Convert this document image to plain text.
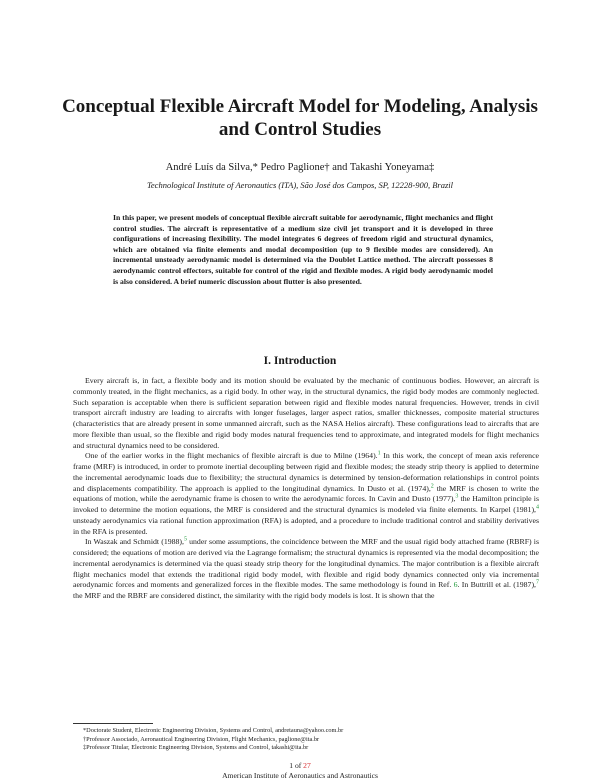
Conceptual Flexible Aircraft Model for Modeling, Analysis and Control Studies
André Luís da Silva,* Pedro Paglione† and Takashi Yoneyama‡
Technological Institute of Aeronautics (ITA), São José dos Campos, SP, 12228-900, Brazil
In this paper, we present models of conceptual flexible aircraft suitable for aerodynamic, flight mechanics and flight control studies. The aircraft is representative of a medium size civil jet transport and it is developed in three configurations of increasing flexibility. The model integrates 6 degrees of freedom rigid and structural dynamics, which are obtained via finite elements and modal decomposition (up to 9 flexible modes are considered). An incremental unsteady aerodynamic model is determined via the Doublet Lattice method. The aircraft possesses 8 aerodynamic control effectors, suitable for control of the rigid and flexible modes. A rigid body aerodynamic model is also considered. A brief numeric discussion about flutter is also presented.
I. Introduction

Every aircraft is, in fact, a flexible body and its motion should be evaluated by the mechanic of continuous bodies. However, an aircraft is commonly treated, in the flight mechanics, as a rigid body. In other way, in the structural dynamics, the rigid body modes are commonly neglected. Such separation is acceptable when there is sufficient separation between rigid and flexible modes natural frequencies. However, trends in civil transport aircraft industry are leading to aircrafts with longer fuselages, larger aspect ratios, smaller thicknesses, composite material structures (characteristics that are already present in some unmanned aircraft, such as the NASA Helios aircraft). These configurations lead to aircrafts that are more flexible than usual, so the flexible and rigid body modes natural frequencies tend to approximate, and integrated models for flight mechanics and structural dynamics need to be considered.

One of the earlier works in the flight mechanics of flexible aircraft is due to Milne (1964).$^1$ In this work, the concept of mean axis reference frame (MRF) is introduced, in order to promote inertial decoupling between rigid and flexible modes; the steady strip theory is applied to determine the incremental aerodynamic loads due to flexibility; the structural dynamics is determined by tension-deformation relationships in control points and displacements compatibility. The approach is applied to the longitudinal dynamics. In Dusto et al. (1974),$^2$ the MRF is chosen to write the equations of motion, while the aerodynamic frame is chosen to write the aerodynamic forces. In Cavin and Dusto (1977),$^3$ the Hamilton principle is invoked to determine the motion equations, the MRF is considered and the structural dynamics is modeled via finite elements. In Karpel (1981),$^4$ unsteady aerodynamics via rational function approximation (RFA) is adopted, and a procedure to include traditional control and stability derivatives in the RFA is presented.

In Waszak and Schmidt (1988),$^5$ under some assumptions, the coincidence between the MRF and the usual rigid body attached frame (RBRF) is considered; the equations of motion are derived via the Lagrange formalism; the structural dynamics is represented via the modal decomposition; the incremental aerodynamics is determined via the quasi steady strip theory for the longitudinal dynamics. The major contribution is a flexible aircraft flight mechanics model that extends the traditional rigid body model, with flexible and rigid body dynamics connected only via incremental aerodynamic forces and moments and generalized forces in the flexible modes. The same methodology is found in Ref. 6. In Buttrill et al. (1987),$^7$ the MRF and the RBRF are considered distinct, the similarity with the rigid body models is lost. It is shown that the

*Doctorate Student, Electronic Engineering Division, Systems and Control, andretauna@yahoo.com.br
†Professor Associado, Aeronautical Engineering Division, Flight Mechanics, paglione@ita.br
‡Professor Titular, Electronic Engineering Division, Systems and Control, takashi@ita.br
1 of 27
American Institute of Aeronautics and Astronautics
